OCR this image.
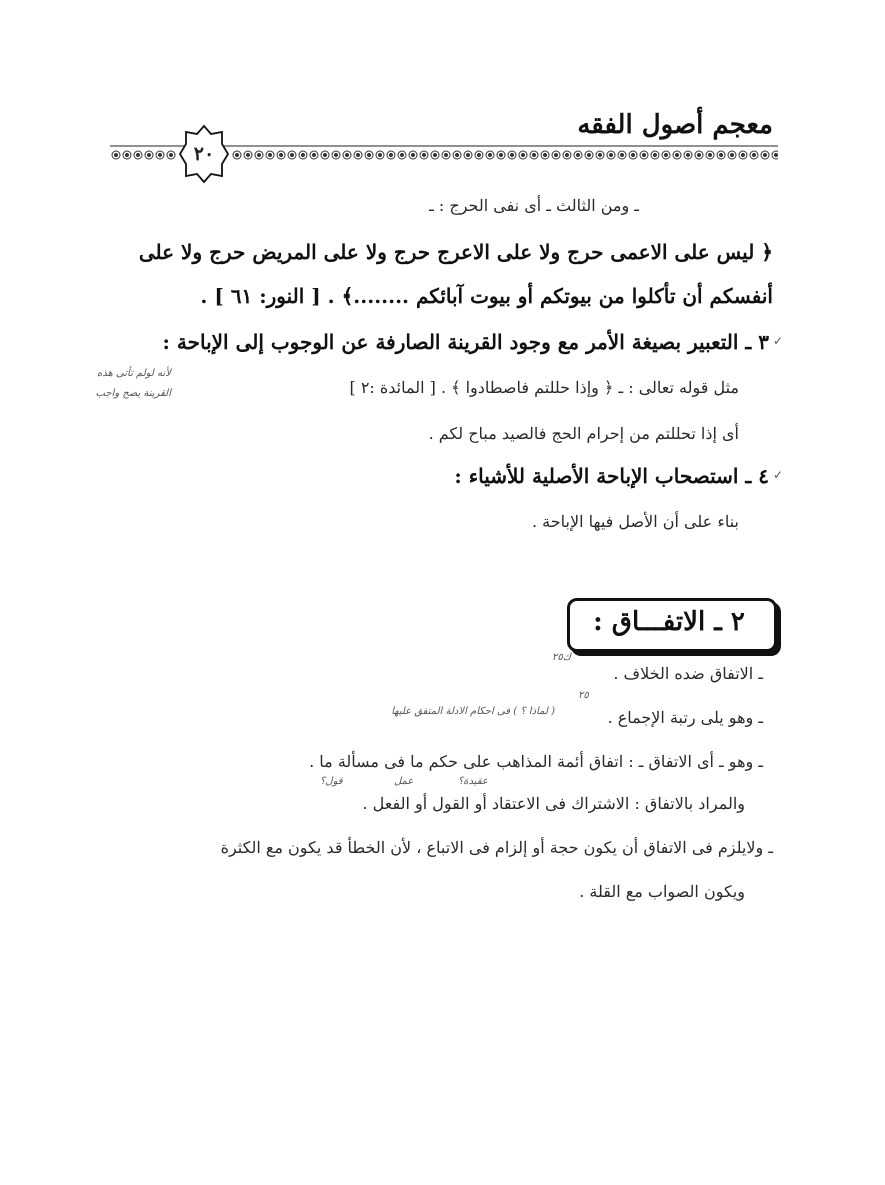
معجم أصول الفقه
٢٠
ـ ومن الثالث ـ أى نفى الحرج : ـ
﴿ ليس على الاعمى حرج ولا على الاعرج حرج ولا على المريض حرج ولا على
أنفسكم أن تأكلوا من بيوتكم أو بيوت آبائكم ........﴾ . [ النور: ٦١ ] .
٣ ـ التعبير بصيغة الأمر مع وجود القرينة الصارفة عن الوجوب إلى الإباحة : ✓
مثل قوله تعالى : ـ ﴿ وإذا حللتم فاصطادوا ﴾ . [ المائدة :٢ ]
أى إذا تحللتم من إحرام الحج فالصيد مباح لكم .
٤ ـ استصحاب الإباحة الأصلية للأشياء : ✓
بناء على أن الأصل فيها الإباحة .
لأنه لولم تأتى هذه
القرينة يصح واجب
٢ ـ الاتفـــاق :
ـ الاتفاق ضده الخلاف .
ك٢٥
ـ وهو يلى رتبة الإجماع .
٢٥
( لماذا ؟ ) فى احكام الادلة المتفق عليها
ـ وهو ـ أى الاتفاق ـ : اتفاق أئمة المذاهب على حكم ما فى مسألة ما .
عقيدة؟
عمل
قول؟
والمراد بالاتفاق : الاشتراك فى الاعتقاد أو القول أو الفعل .
ـ ولايلزم فى الاتفاق أن يكون حجة أو إلزام فى الاتباع ، لأن الخطأ قد يكون مع الكثرة
ويكون الصواب مع القلة .
